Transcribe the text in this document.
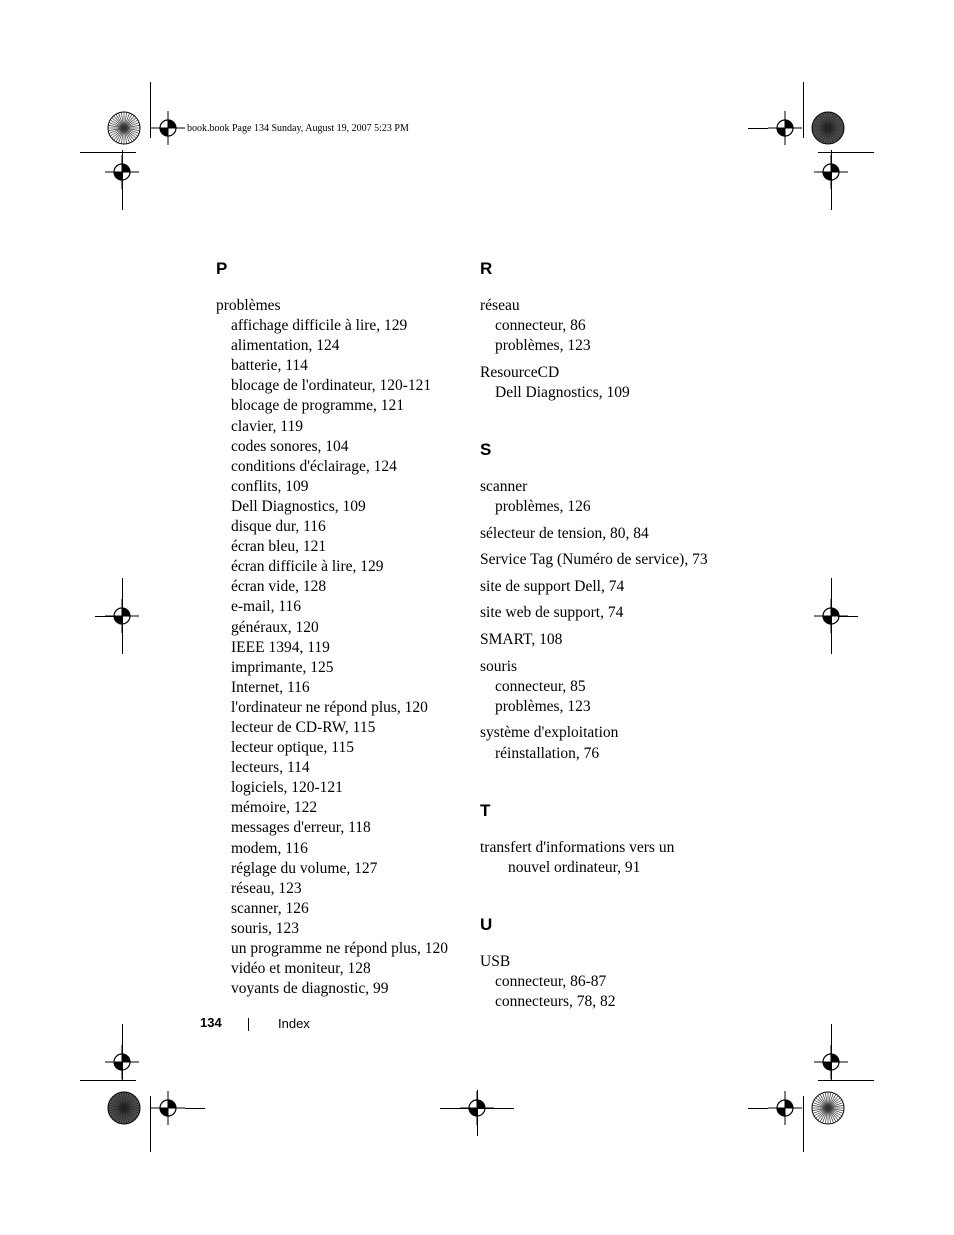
book.book Page 134 Sunday, August 19, 2007 5:23 PM
P
problèmes
affichage difficile à lire, 129
alimentation, 124
batterie, 114
blocage de l'ordinateur, 120-121
blocage de programme, 121
clavier, 119
codes sonores, 104
conditions d'éclairage, 124
conflits, 109
Dell Diagnostics, 109
disque dur, 116
écran bleu, 121
écran difficile à lire, 129
écran vide, 128
e-mail, 116
généraux, 120
IEEE 1394, 119
imprimante, 125
Internet, 116
l'ordinateur ne répond plus, 120
lecteur de CD-RW, 115
lecteur optique, 115
lecteurs, 114
logiciels, 120-121
mémoire, 122
messages d'erreur, 118
modem, 116
réglage du volume, 127
réseau, 123
scanner, 126
souris, 123
un programme ne répond plus, 120
vidéo et moniteur, 128
voyants de diagnostic, 99
R
réseau
connecteur, 86
problèmes, 123
ResourceCD
Dell Diagnostics, 109
S
scanner
problèmes, 126
sélecteur de tension, 80, 84
Service Tag (Numéro de service), 73
site de support Dell, 74
site web de support, 74
SMART, 108
souris
connecteur, 85
problèmes, 123
système d'exploitation
réinstallation, 76
T
transfert d'informations vers un
nouvel ordinateur, 91
U
USB
connecteur, 86-87
connecteurs, 78, 82
134	Index
